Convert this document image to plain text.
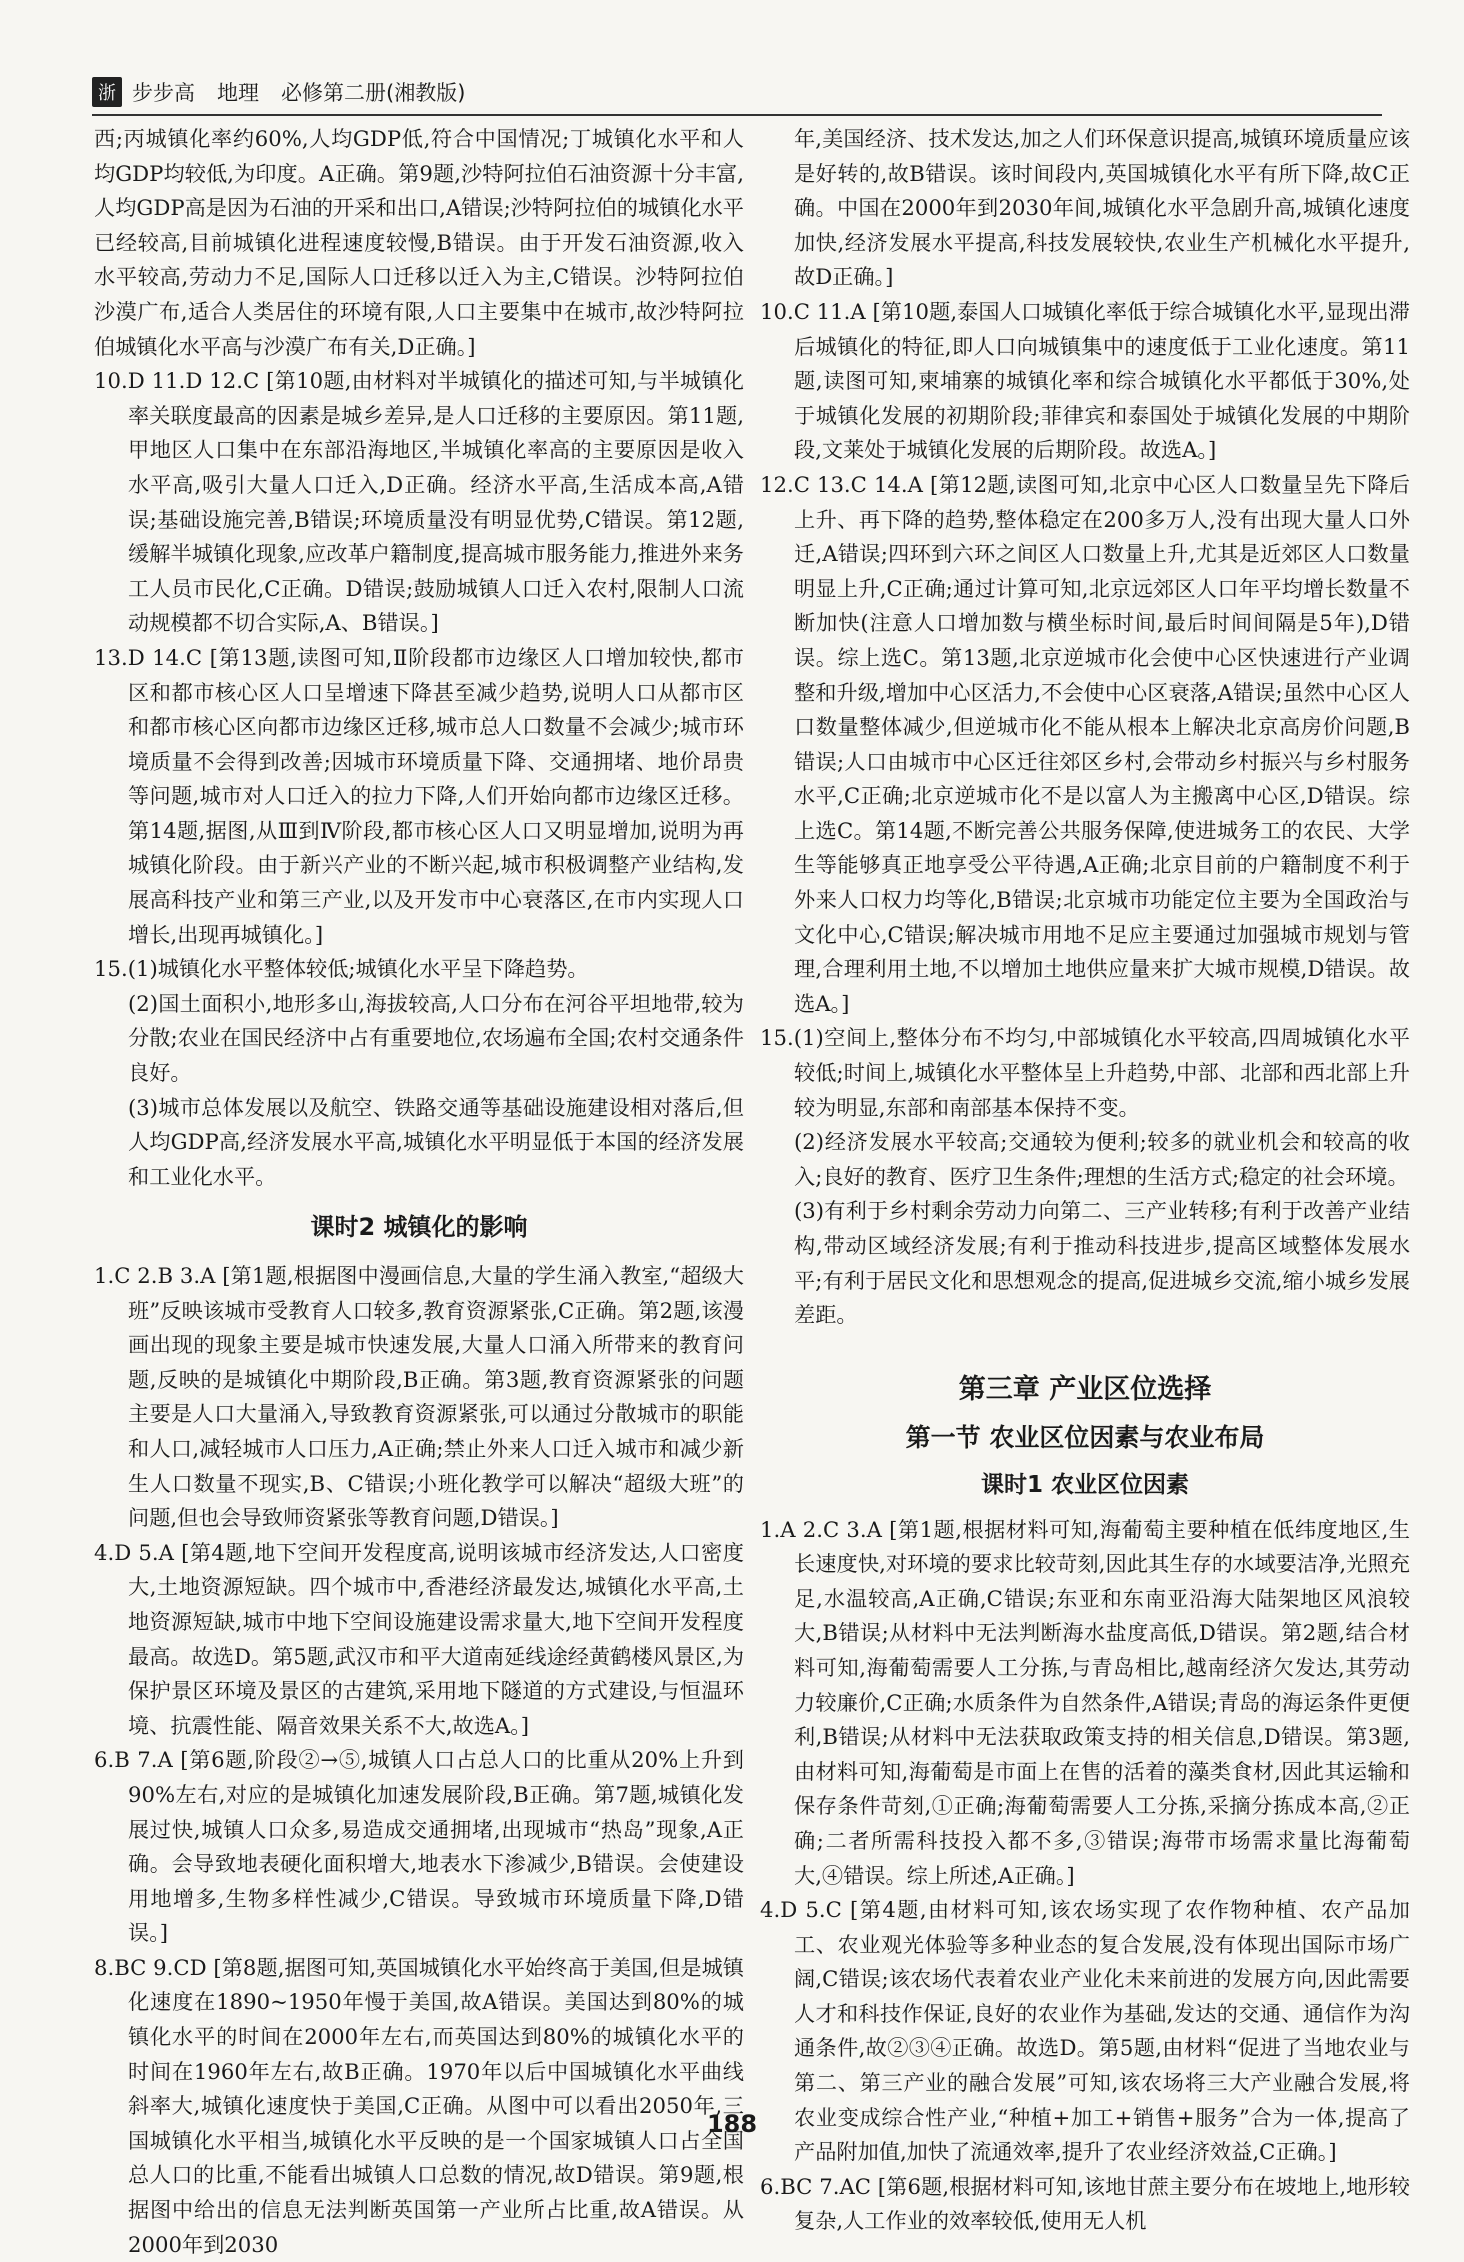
浙 步步高 地理 必修第二册(湘教版)

西;丙城镇化率约60%,人均GDP低,符合中国情况;丁城镇化水平和人均GDP均较低,为印度。A正确。第9题,沙特阿拉伯石油资源十分丰富,人均GDP高是因为石油的开采和出口,A错误;沙特阿拉伯的城镇化水平已经较高,目前城镇化进程速度较慢,B错误。由于开发石油资源,收入水平较高,劳动力不足,国际人口迁移以迁入为主,C错误。沙特阿拉伯沙漠广布,适合人类居住的环境有限,人口主要集中在城市,故沙特阿拉伯城镇化水平高与沙漠广布有关,D正确。]

10.D 11.D 12.C [第10题,由材料对半城镇化的描述可知,与半城镇化率关联度最高的因素是城乡差异,是人口迁移的主要原因。第11题,甲地区人口集中在东部沿海地区,半城镇化率高的主要原因是收入水平高,吸引大量人口迁入,D正确。经济水平高,生活成本高,A错误;基础设施完善,B错误;环境质量没有明显优势,C错误。第12题,缓解半城镇化现象,应改革户籍制度,提高城市服务能力,推进外来务工人员市民化,C正确。D错误;鼓励城镇人口迁入农村,限制人口流动规模都不切合实际,A、B错误。]

13.D 14.C [第13题,读图可知,Ⅱ阶段都市边缘区人口增加较快,都市区和都市核心区人口呈增速下降甚至减少趋势,说明人口从都市区和都市核心区向都市边缘区迁移,城市总人口数量不会减少;城市环境质量不会得到改善;因城市环境质量下降、交通拥堵、地价昂贵等问题,城市对人口迁入的拉力下降,人们开始向都市边缘区迁移。第14题,据图,从Ⅲ到Ⅳ阶段,都市核心区人口又明显增加,说明为再城镇化阶段。由于新兴产业的不断兴起,城市积极调整产业结构,发展高科技产业和第三产业,以及开发市中心衰落区,在市内实现人口增长,出现再城镇化。]

15.(1)城镇化水平整体较低;城镇化水平呈下降趋势。

(2)国土面积小,地形多山,海拔较高,人口分布在河谷平坦地带,较为分散;农业在国民经济中占有重要地位,农场遍布全国;农村交通条件良好。

(3)城市总体发展以及航空、铁路交通等基础设施建设相对落后,但人均GDP高,经济发展水平高,城镇化水平明显低于本国的经济发展和工业化水平。

课时2 城镇化的影响

1.C 2.B 3.A [第1题,根据图中漫画信息,大量的学生涌入教室,“超级大班”反映该城市受教育人口较多,教育资源紧张,C正确。第2题,该漫画出现的现象主要是城市快速发展,大量人口涌入所带来的教育问题,反映的是城镇化中期阶段,B正确。第3题,教育资源紧张的问题主要是人口大量涌入,导致教育资源紧张,可以通过分散城市的职能和人口,减轻城市人口压力,A正确;禁止外来人口迁入城市和减少新生人口数量不现实,B、C错误;小班化教学可以解决“超级大班”的问题,但也会导致师资紧张等教育问题,D错误。]

4.D 5.A [第4题,地下空间开发程度高,说明该城市经济发达,人口密度大,土地资源短缺。四个城市中,香港经济最发达,城镇化水平高,土地资源短缺,城市中地下空间设施建设需求量大,地下空间开发程度最高。故选D。第5题,武汉市和平大道南延线途经黄鹤楼风景区,为保护景区环境及景区的古建筑,采用地下隧道的方式建设,与恒温环境、抗震性能、隔音效果关系不大,故选A。]

6.B 7.A [第6题,阶段②→⑤,城镇人口占总人口的比重从20%上升到90%左右,对应的是城镇化加速发展阶段,B正确。第7题,城镇化发展过快,城镇人口众多,易造成交通拥堵,出现城市“热岛”现象,A正确。会导致地表硬化面积增大,地表水下渗减少,B错误。会使建设用地增多,生物多样性减少,C错误。导致城市环境质量下降,D错误。]

8.BC 9.CD [第8题,据图可知,英国城镇化水平始终高于美国,但是城镇化速度在1890~1950年慢于美国,故A错误。美国达到80%的城镇化水平的时间在2000年左右,而英国达到80%的城镇化水平的时间在1960年左右,故B正确。1970年以后中国城镇化水平曲线斜率大,城镇化速度快于美国,C正确。从图中可以看出2050年,三国城镇化水平相当,城镇化水平反映的是一个国家城镇人口占全国总人口的比重,不能看出城镇人口总数的情况,故D错误。第9题,根据图中给出的信息无法判断英国第一产业所占比重,故A错误。从2000年到2030

年,美国经济、技术发达,加之人们环保意识提高,城镇环境质量应该是好转的,故B错误。该时间段内,英国城镇化水平有所下降,故C正确。中国在2000年到2030年间,城镇化水平急剧升高,城镇化速度加快,经济发展水平提高,科技发展较快,农业生产机械化水平提升,故D正确。]

10.C 11.A [第10题,泰国人口城镇化率低于综合城镇化水平,显现出滞后城镇化的特征,即人口向城镇集中的速度低于工业化速度。第11题,读图可知,柬埔寨的城镇化率和综合城镇化水平都低于30%,处于城镇化发展的初期阶段;菲律宾和泰国处于城镇化发展的中期阶段,文莱处于城镇化发展的后期阶段。故选A。]

12.C 13.C 14.A [第12题,读图可知,北京中心区人口数量呈先下降后上升、再下降的趋势,整体稳定在200多万人,没有出现大量人口外迁,A错误;四环到六环之间区人口数量上升,尤其是近郊区人口数量明显上升,C正确;通过计算可知,北京远郊区人口年平均增长数量不断加快(注意人口增加数与横坐标时间,最后时间间隔是5年),D错误。综上选C。第13题,北京逆城市化会使中心区快速进行产业调整和升级,增加中心区活力,不会使中心区衰落,A错误;虽然中心区人口数量整体减少,但逆城市化不能从根本上解决北京高房价问题,B错误;人口由城市中心区迁往郊区乡村,会带动乡村振兴与乡村服务水平,C正确;北京逆城市化不是以富人为主搬离中心区,D错误。综上选C。第14题,不断完善公共服务保障,使进城务工的农民、大学生等能够真正地享受公平待遇,A正确;北京目前的户籍制度不利于外来人口权力均等化,B错误;北京城市功能定位主要为全国政治与文化中心,C错误;解决城市用地不足应主要通过加强城市规划与管理,合理利用土地,不以增加土地供应量来扩大城市规模,D错误。故选A。]

15.(1)空间上,整体分布不均匀,中部城镇化水平较高,四周城镇化水平较低;时间上,城镇化水平整体呈上升趋势,中部、北部和西北部上升较为明显,东部和南部基本保持不变。

(2)经济发展水平较高;交通较为便利;较多的就业机会和较高的收入;良好的教育、医疗卫生条件;理想的生活方式;稳定的社会环境。

(3)有利于乡村剩余劳动力向第二、三产业转移;有利于改善产业结构,带动区域经济发展;有利于推动科技进步,提高区域整体发展水平;有利于居民文化和思想观念的提高,促进城乡交流,缩小城乡发展差距。

第三章 产业区位选择
第一节 农业区位因素与农业布局
课时1 农业区位因素

1.A 2.C 3.A [第1题,根据材料可知,海葡萄主要种植在低纬度地区,生长速度快,对环境的要求比较苛刻,因此其生存的水域要洁净,光照充足,水温较高,A正确,C错误;东亚和东南亚沿海大陆架地区风浪较大,B错误;从材料中无法判断海水盐度高低,D错误。第2题,结合材料可知,海葡萄需要人工分拣,与青岛相比,越南经济欠发达,其劳动力较廉价,C正确;水质条件为自然条件,A错误;青岛的海运条件更便利,B错误;从材料中无法获取政策支持的相关信息,D错误。第3题,由材料可知,海葡萄是市面上在售的活着的藻类食材,因此其运输和保存条件苛刻,①正确;海葡萄需要人工分拣,采摘分拣成本高,②正确;二者所需科技投入都不多,③错误;海带市场需求量比海葡萄大,④错误。综上所述,A正确。]

4.D 5.C [第4题,由材料可知,该农场实现了农作物种植、农产品加工、农业观光体验等多种业态的复合发展,没有体现出国际市场广阔,C错误;该农场代表着农业产业化未来前进的发展方向,因此需要人才和科技作保证,良好的农业作为基础,发达的交通、通信作为沟通条件,故②③④正确。故选D。第5题,由材料“促进了当地农业与第二、第三产业的融合发展”可知,该农场将三大产业融合发展,将农业变成综合性产业,“种植+加工+销售+服务”合为一体,提高了产品附加值,加快了流通效率,提升了农业经济效益,C正确。]

6.BC 7.AC [第6题,根据材料可知,该地甘蔗主要分布在坡地上,地形较复杂,人工作业的效率较低,使用无人机

188
